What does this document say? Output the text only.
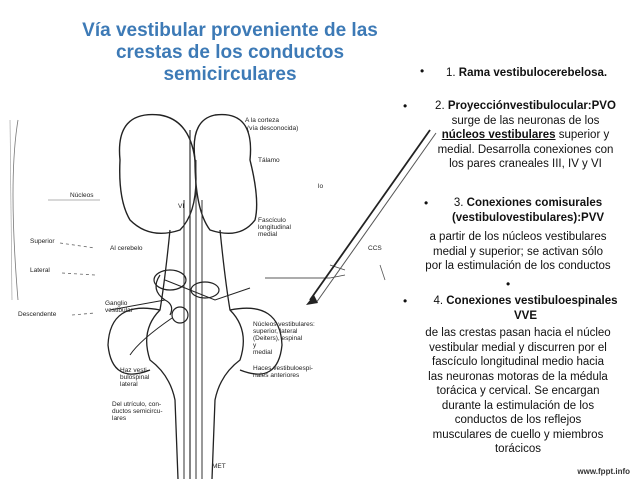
Vía vestibular proveniente de las crestas de los conductos semicirculares
Núcleos
Superior
Lateral
Descendente
A la corteza
(vía desconocida)
Tálamo
lo
VI
Al cerebelo
Fascículo
longitudinal
medial
CCS
Ganglio
vestibular
Núcleos vestibulares:
superior, lateral
(Deiters), espinal
y
medial
Haz vesti-
bulospinal
lateral
Haces vestibuloespi-
nales anteriores
Del utrículo, con-
ductos semicircu-
lares
MET
• 1. Rama vestibulocerebelosa.
•	2. Proyecciónvestibulocular:PVO
surge de las neuronas de los
núcleos vestibulares superior y
medial. Desarrolla conexiones con
los pares craneales III, IV y VI
•	3. Conexiones comisurales
(vestibulovestibulares):PVV
a partir de los núcleos vestibulares
medial y superior; se activan sólo
por la estimulación de los conductos
•
•	4. Conexiones vestibuloespinales
VVE
de las crestas pasan hacia el núcleo
vestibular medial y discurren por el
fascículo longitudinal medio hacia
las neuronas motoras de la médula
torácica y cervical. Se encargan
durante la estimulación de los
conductos de los reflejos
musculares de cuello y miembros
torácicos
www.fppt.info
